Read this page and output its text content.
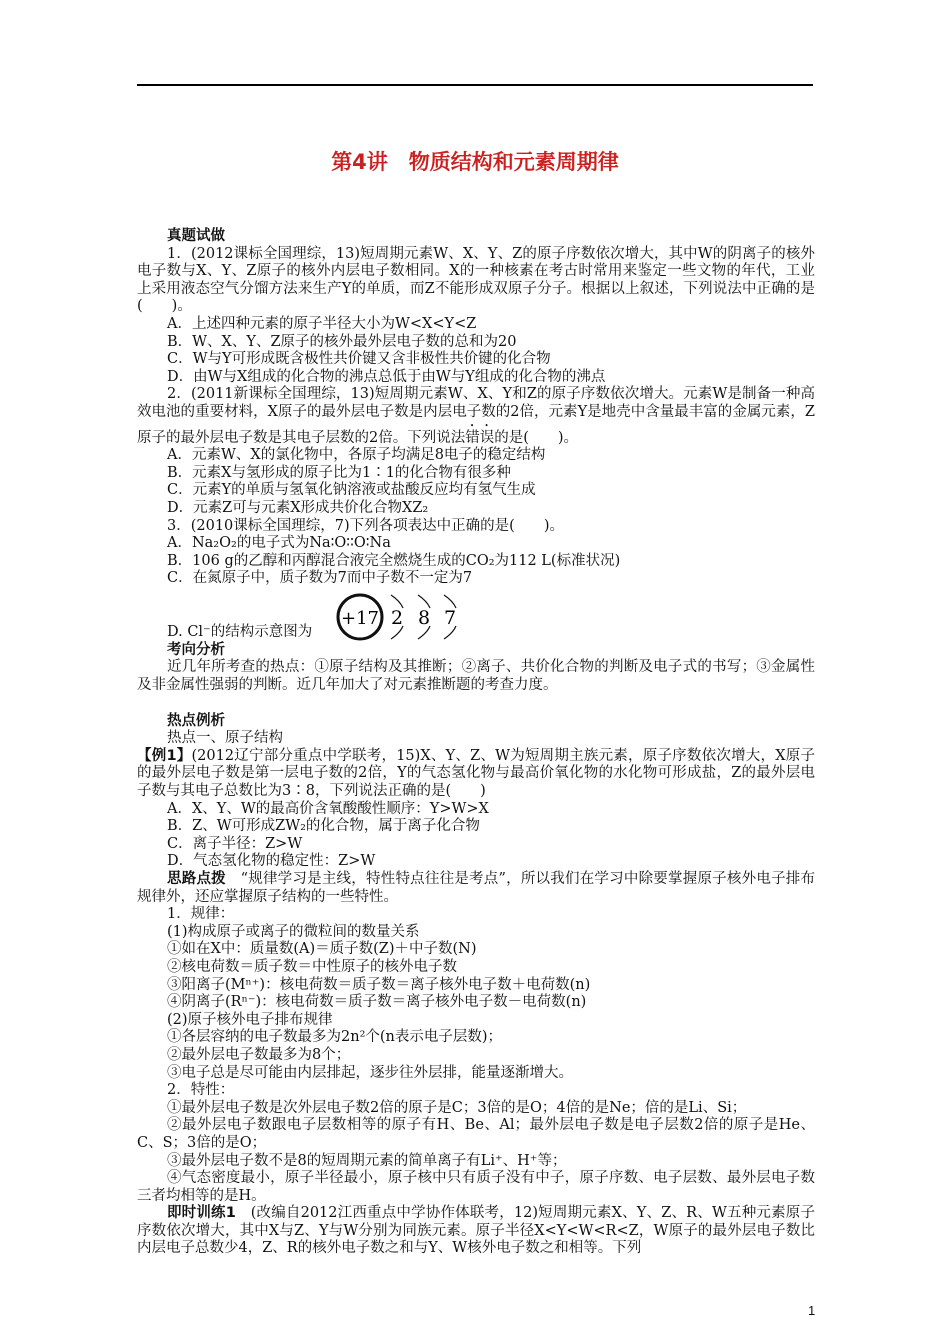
第4讲　物质结构和元素周期律

真题试做

1．(2012课标全国理综，13)短周期元素W、X、Y、Z的原子序数依次增大，其中W的阴离子的核外电子数与X、Y、Z原子的核外内层电子数相同。X的一种核素在考古时常用来鉴定一些文物的年代，工业上采用液态空气分馏方法来生产Y的单质，而Z不能形成双原子分子。根据以上叙述，下列说法中正确的是(　　)。

A．上述四种元素的原子半径大小为W<X<Y<Z

B．W、X、Y、Z原子的核外最外层电子数的总和为20

C．W与Y可形成既含极性共价键又含非极性共价键的化合物

D．由W与X组成的化合物的沸点总低于由W与Y组成的化合物的沸点

2．(2011新课标全国理综，13)短周期元素W、X、Y和Z的原子序数依次增大。元素W是制备一种高效电池的重要材料，X原子的最外层电子数是内层电子数的2倍，元素Y是地壳中含量最丰富的金属元素，Z原子的最外层电子数是其电子层数的2倍。下列说法错误的是(　　)。

A．元素W、X的氯化物中，各原子均满足8电子的稳定结构

B．元素X与氢形成的原子比为1∶1的化合物有很多种

C．元素Y的单质与氢氧化钠溶液或盐酸反应均有氢气生成

D．元素Z可与元素X形成共价化合物XZ₂

3．(2010课标全国理综，7)下列各项表达中正确的是(　　)。

A．Na₂O₂的电子式为Na∶O∶∶O∶Na

B．106 g的乙醇和丙醇混合液完全燃烧生成的CO₂为112 L(标准状况)

C．在氮原子中，质子数为7而中子数不一定为7

D. Cl⁻的结构示意图为
+17 2 8 7

考向分析

近几年所考查的热点：①原子结构及其推断；②离子、共价化合物的判断及电子式的书写；③金属性及非金属性强弱的判断。近几年加大了对元素推断题的考查力度。

热点例析

热点一、原子结构

【例1】(2012辽宁部分重点中学联考，15)X、Y、Z、W为短周期主族元素，原子序数依次增大，X原子的最外层电子数是第一层电子数的2倍，Y的气态氢化物与最高价氧化物的水化物可形成盐，Z的最外层电子数与其电子总数比为3∶8，下列说法正确的是(　　)

A．X、Y、W的最高价含氧酸酸性顺序：Y>W>X

B．Z、W可形成ZW₂的化合物，属于离子化合物

C．离子半径：Z>W

D．气态氢化物的稳定性：Z>W

思路点拨　“规律学习是主线，特性特点往往是考点”，所以我们在学习中除要掌握原子核外电子排布规律外，还应掌握原子结构的一些特性。

1．规律：

(1)构成原子或离子的微粒间的数量关系

①如在X中：质量数(A)＝质子数(Z)＋中子数(N)

②核电荷数＝质子数＝中性原子的核外电子数

③阳离子(Mⁿ⁺)：核电荷数＝质子数＝离子核外电子数＋电荷数(n)

④阴离子(Rⁿ⁻)：核电荷数＝质子数＝离子核外电子数－电荷数(n)

(2)原子核外电子排布规律

①各层容纳的电子数最多为2n²个(n表示电子层数)；

②最外层电子数最多为8个；

③电子总是尽可能由内层排起，逐步往外层排，能量逐渐增大。

2．特性：

①最外层电子数是次外层电子数2倍的原子是C；3倍的是O；4倍的是Ne；倍的是Li、Si；

②最外层电子数跟电子层数相等的原子有H、Be、Al；最外层电子数是电子层数2倍的原子是He、C、S；3倍的是O；

③最外层电子数不是8的短周期元素的简单离子有Li⁺、H⁺等；

④气态密度最小，原子半径最小，原子核中只有质子没有中子，原子序数、电子层数、最外层电子数三者均相等的是H。

即时训练1　(改编自2012江西重点中学协作体联考，12)短周期元素X、Y、Z、R、W五种元素原子序数依次增大，其中X与Z、Y与W分别为同族元素。原子半径X<Y<W<R<Z，W原子的最外层电子数比内层电子总数少4，Z、R的核外电子数之和与Y、W核外电子数之和相等。下列

1
